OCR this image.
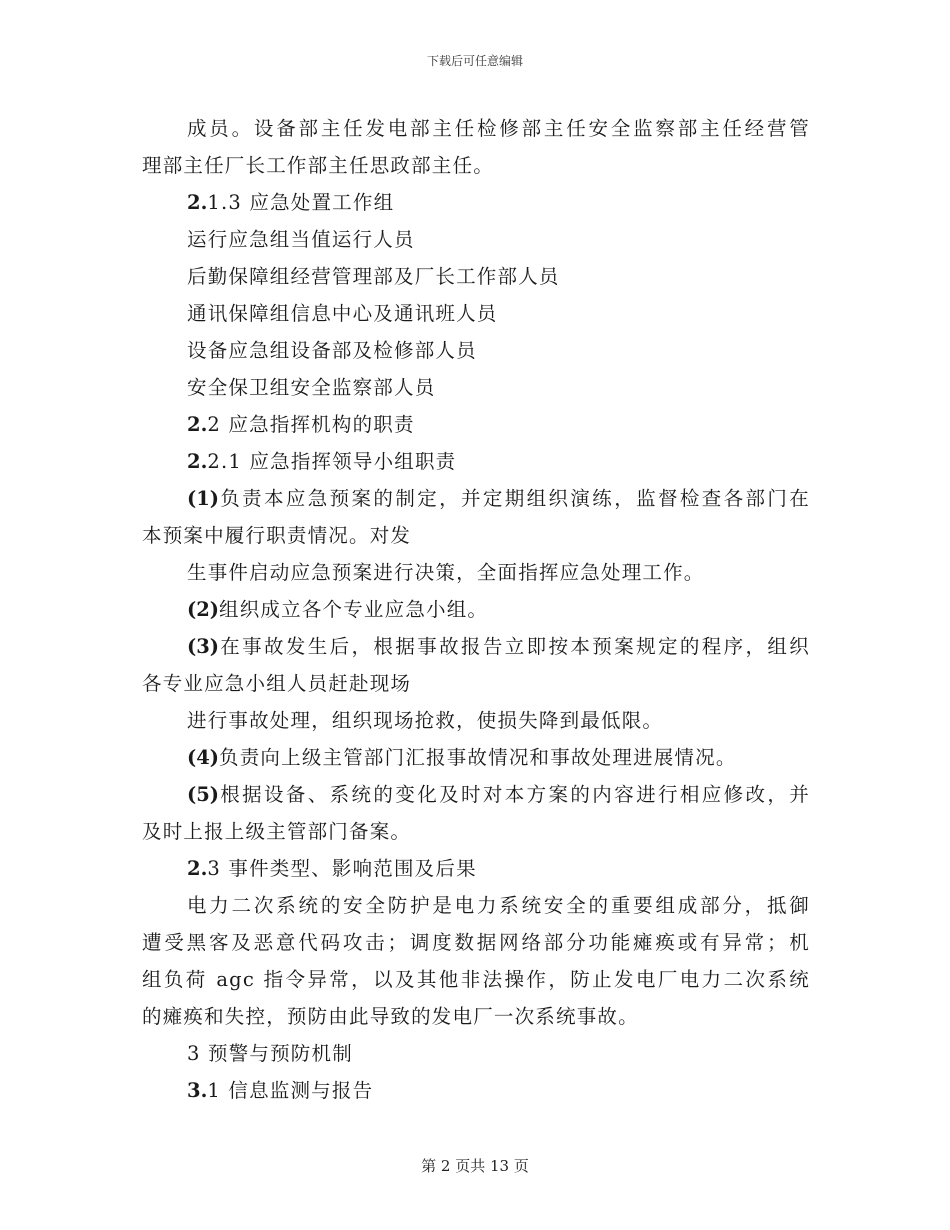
下载后可任意编辑
成员。设备部主任发电部主任检修部主任安全监察部主任经营管
理部主任厂长工作部主任思政部主任。
2.1.3 应急处置工作组
运行应急组当值运行人员
后勤保障组经营管理部及厂长工作部人员
通讯保障组信息中心及通讯班人员
设备应急组设备部及检修部人员
安全保卫组安全监察部人员
2.2 应急指挥机构的职责
2.2.1 应急指挥领导小组职责
(1)负责本应急预案的制定，并定期组织演练，监督检查各部门在
本预案中履行职责情况。对发
生事件启动应急预案进行决策，全面指挥应急处理工作。
(2)组织成立各个专业应急小组。
(3)在事故发生后，根据事故报告立即按本预案规定的程序，组织
各专业应急小组人员赶赴现场
进行事故处理，组织现场抢救，使损失降到最低限。
(4)负责向上级主管部门汇报事故情况和事故处理进展情况。
(5)根据设备、系统的变化及时对本方案的内容进行相应修改，并
及时上报上级主管部门备案。
2.3 事件类型、影响范围及后果
电力二次系统的安全防护是电力系统安全的重要组成部分，抵御
遭受黑客及恶意代码攻击；调度数据网络部分功能瘫痪或有异常；机
组负荷 agc 指令异常，以及其他非法操作，防止发电厂电力二次系统
的瘫痪和失控，预防由此导致的发电厂一次系统事故。
3 预警与预防机制
3.1 信息监测与报告
第 2 页共 13 页
